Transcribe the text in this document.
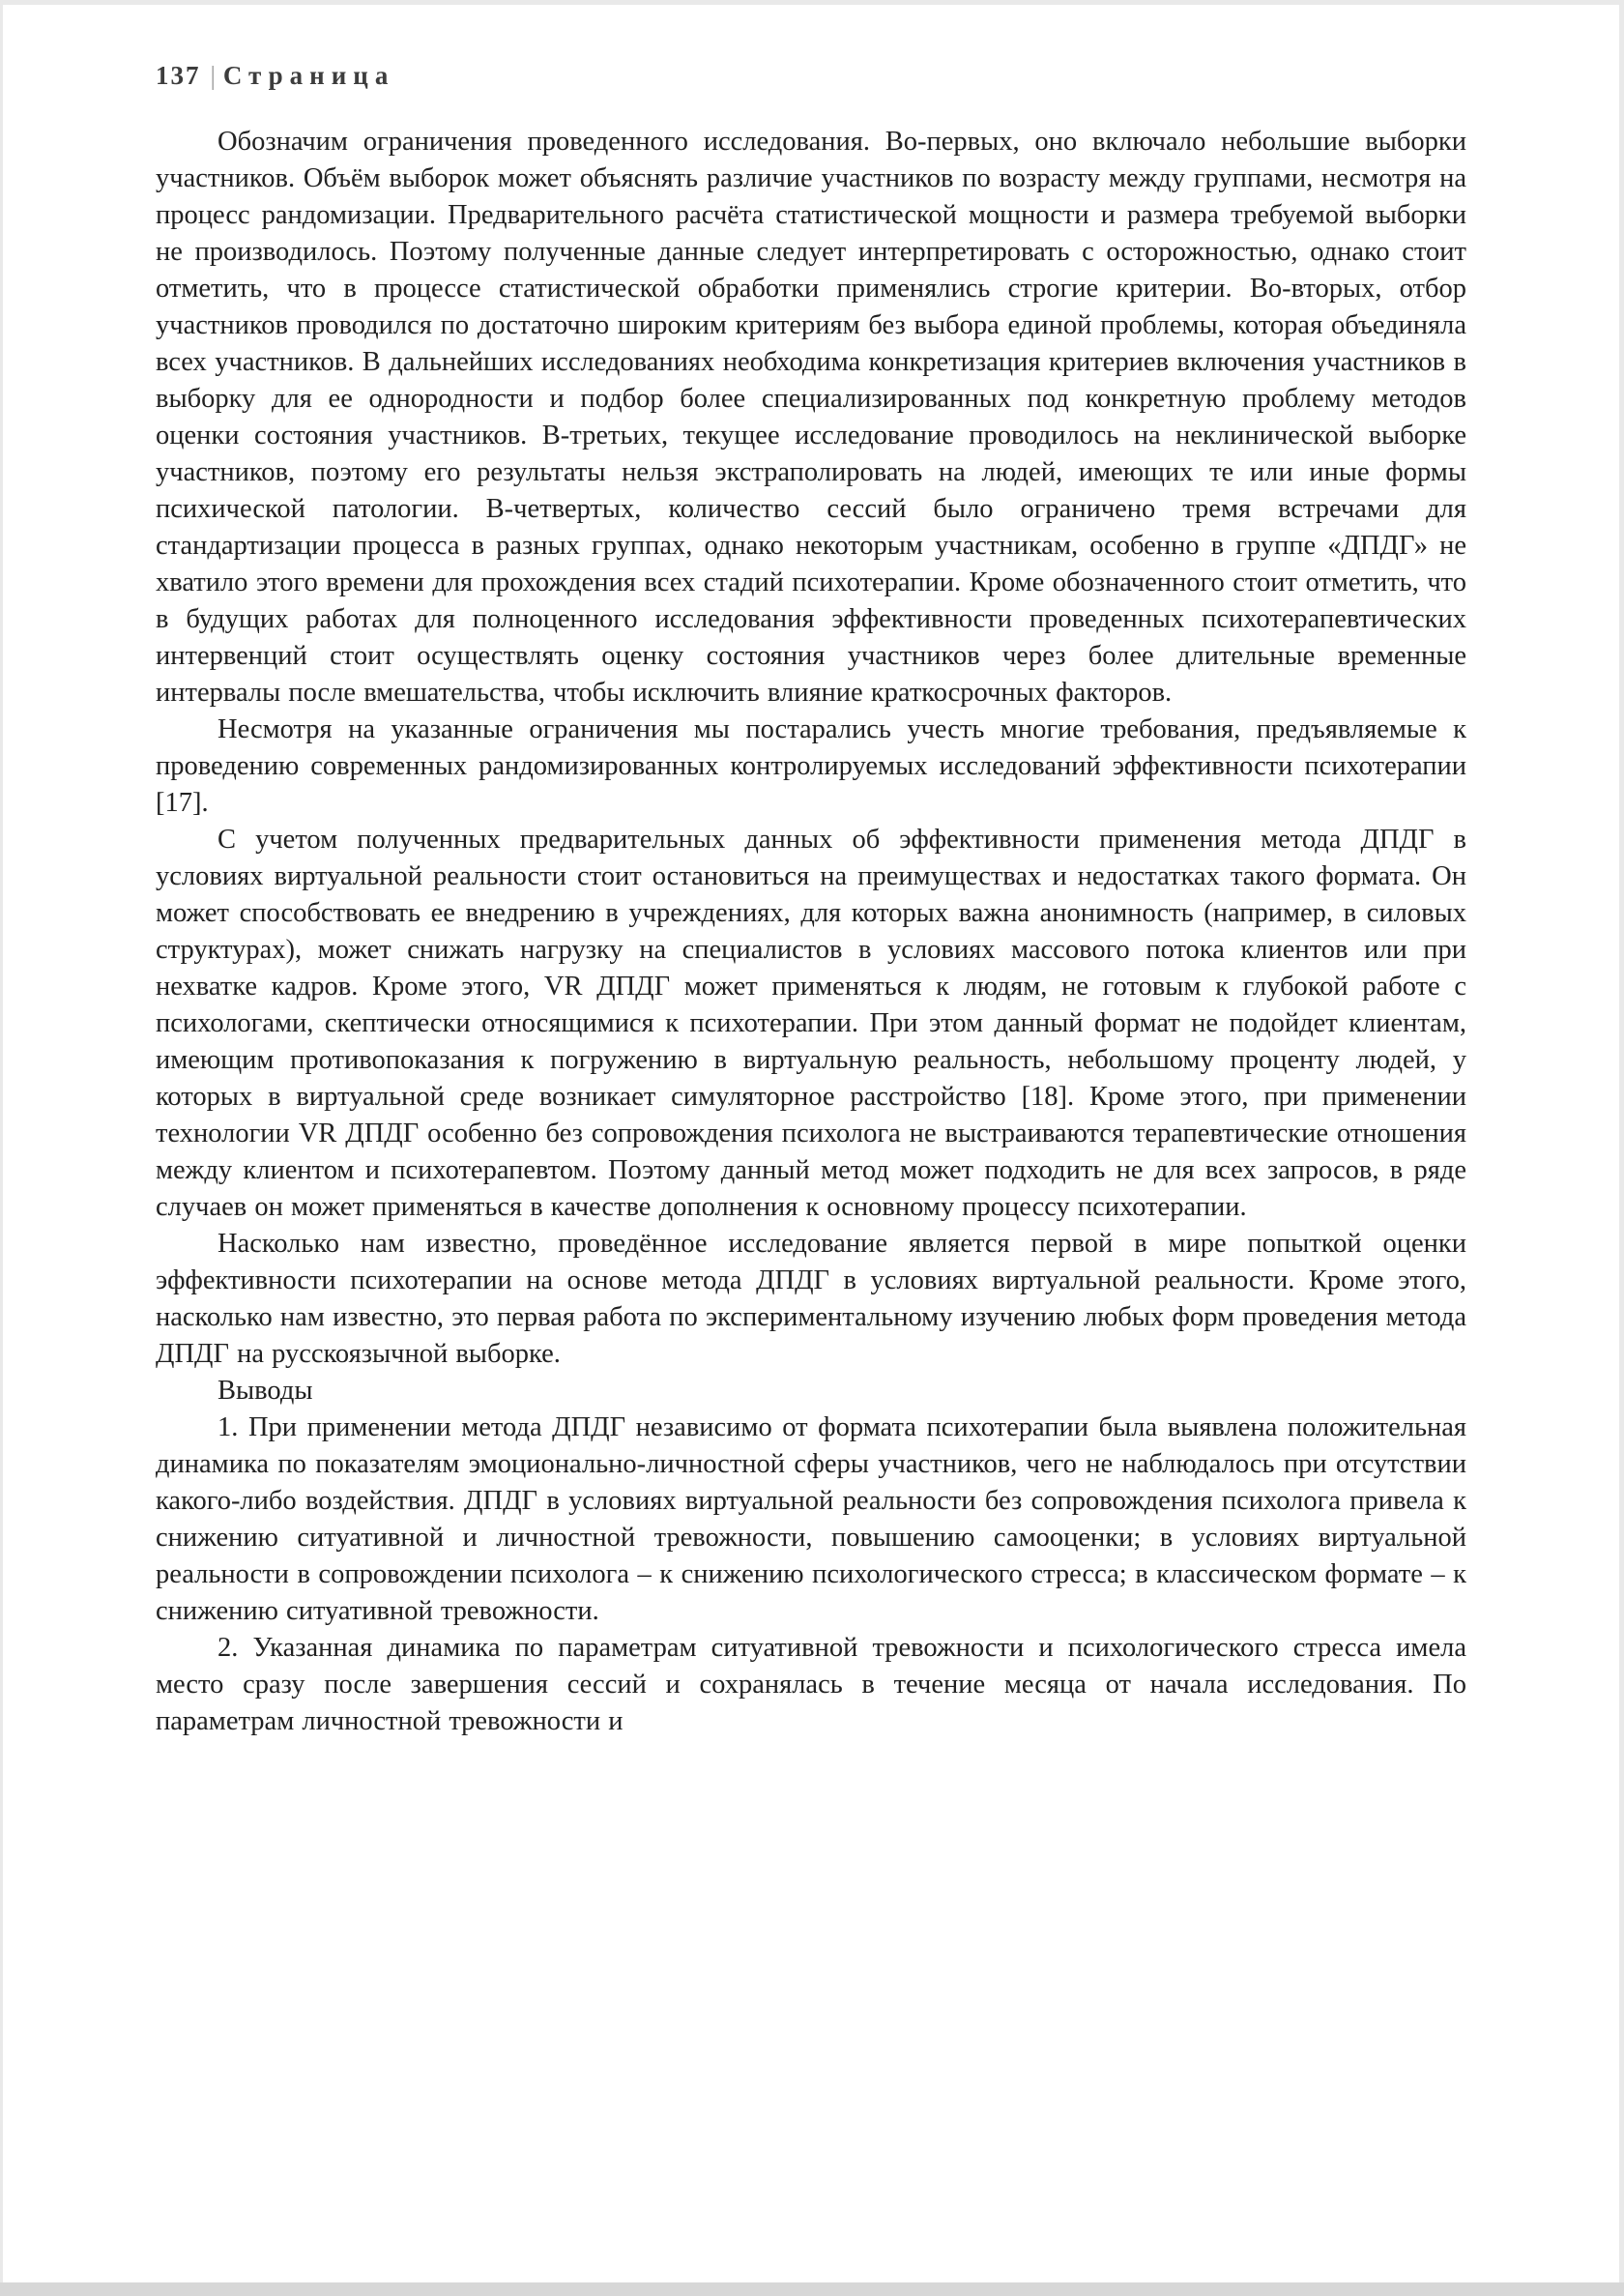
137 | Страница

Обозначим ограничения проведенного исследования. Во-первых, оно включало небольшие выборки участников. Объём выборок может объяснять различие участников по возрасту между группами, несмотря на процесс рандомизации. Предварительного расчёта статистической мощности и размера требуемой выборки не производилось. Поэтому полученные данные следует интерпретировать с осторожностью, однако стоит отметить, что в процессе статистической обработки применялись строгие критерии. Во-вторых, отбор участников проводился по достаточно широким критериям без выбора единой проблемы, которая объединяла всех участников. В дальнейших исследованиях необходима конкретизация критериев включения участников в выборку для ее однородности и подбор более специализированных под конкретную проблему методов оценки состояния участников. В-третьих, текущее исследование проводилось на неклинической выборке участников, поэтому его результаты нельзя экстраполировать на людей, имеющих те или иные формы психической патологии. В-четвертых, количество сессий было ограничено тремя встречами для стандартизации процесса в разных группах, однако некоторым участникам, особенно в группе «ДПДГ» не хватило этого времени для прохождения всех стадий психотерапии. Кроме обозначенного стоит отметить, что в будущих работах для полноценного исследования эффективности проведенных психотерапевтических интервенций стоит осуществлять оценку состояния участников через более длительные временные интервалы после вмешательства, чтобы исключить влияние краткосрочных факторов.

Несмотря на указанные ограничения мы постарались учесть многие требования, предъявляемые к проведению современных рандомизированных контролируемых исследований эффективности психотерапии [17].

С учетом полученных предварительных данных об эффективности применения метода ДПДГ в условиях виртуальной реальности стоит остановиться на преимуществах и недостатках такого формата. Он может способствовать ее внедрению в учреждениях, для которых важна анонимность (например, в силовых структурах), может снижать нагрузку на специалистов в условиях массового потока клиентов или при нехватке кадров. Кроме этого, VR ДПДГ может применяться к людям, не готовым к глубокой работе с психологами, скептически относящимися к психотерапии. При этом данный формат не подойдет клиентам, имеющим противопоказания к погружению в виртуальную реальность, небольшому проценту людей, у которых в виртуальной среде возникает симуляторное расстройство [18]. Кроме этого, при применении технологии VR ДПДГ особенно без сопровождения психолога не выстраиваются терапевтические отношения между клиентом и психотерапевтом. Поэтому данный метод может подходить не для всех запросов, в ряде случаев он может применяться в качестве дополнения к основному процессу психотерапии.

Насколько нам известно, проведённое исследование является первой в мире попыткой оценки эффективности психотерапии на основе метода ДПДГ в условиях виртуальной реальности. Кроме этого, насколько нам известно, это первая работа по экспериментальному изучению любых форм проведения метода ДПДГ на русскоязычной выборке.

Выводы

1. При применении метода ДПДГ независимо от формата психотерапии была выявлена положительная динамика по показателям эмоционально-личностной сферы участников, чего не наблюдалось при отсутствии какого-либо воздействия. ДПДГ в условиях виртуальной реальности без сопровождения психолога привела к снижению ситуативной и личностной тревожности, повышению самооценки; в условиях виртуальной реальности в сопровождении психолога – к снижению психологического стресса; в классическом формате – к снижению ситуативной тревожности.

2. Указанная динамика по параметрам ситуативной тревожности и психологического стресса имела место сразу после завершения сессий и сохранялась в течение месяца от начала исследования. По параметрам личностной тревожности и
